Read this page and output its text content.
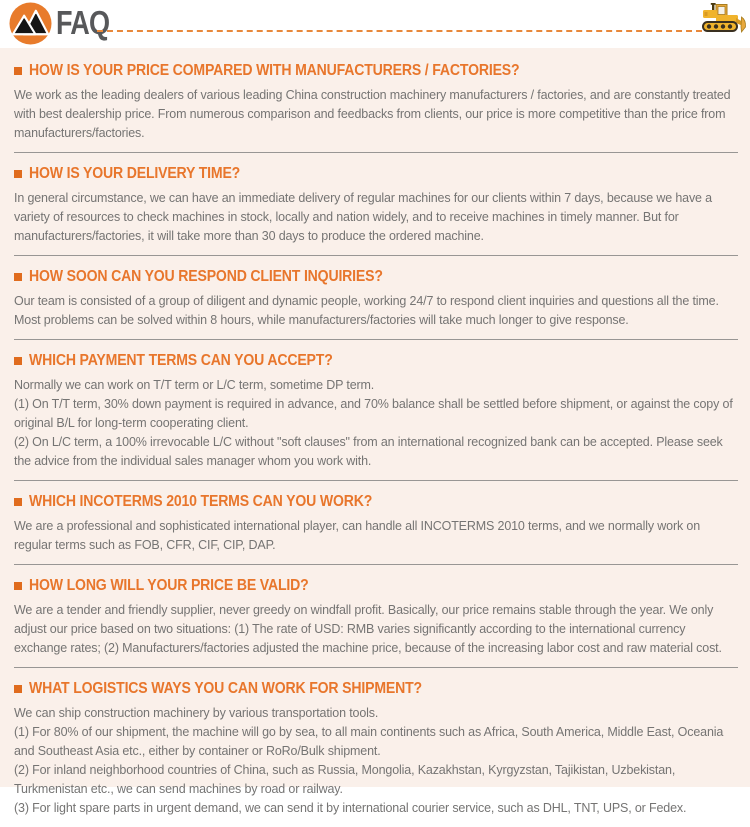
FAQ
HOW IS YOUR PRICE COMPARED WITH MANUFACTURERS / FACTORIES?

We work as the leading dealers of various leading China construction machinery manufacturers / factories, and are constantly treated with best dealership price. From numerous comparison and feedbacks from clients, our price is more competitive than the price from manufacturers/factories.

HOW IS YOUR DELIVERY TIME?

In general circumstance, we can have an immediate delivery of regular machines for our clients within 7 days, because we have a variety of resources to check machines in stock, locally and nation widely, and to receive machines in timely manner. But for manufacturers/factories, it will take more than 30 days to produce the ordered machine.

HOW SOON CAN YOU RESPOND CLIENT INQUIRIES?

Our team is consisted of a group of diligent and dynamic people, working 24/7 to respond client inquiries and questions all the time. Most problems can be solved within 8 hours, while manufacturers/factories will take much longer to give response.

WHICH PAYMENT TERMS CAN YOU ACCEPT?

Normally we can work on T/T term or L/C term, sometime DP term.

(1) On T/T term, 30% down payment is required in advance, and 70% balance shall be settled before shipment, or against the copy of original B/L for long-term cooperating client.

(2) On L/C term, a 100% irrevocable L/C without "soft clauses" from an international recognized bank can be accepted. Please seek the advice from the individual sales manager whom you work with.

WHICH INCOTERMS 2010 TERMS CAN YOU WORK?

We are a professional and sophisticated international player, can handle all INCOTERMS 2010 terms, and we normally work on regular terms such as FOB, CFR, CIF, CIP, DAP.

HOW LONG WILL YOUR PRICE BE VALID?

We are a tender and friendly supplier, never greedy on windfall profit. Basically, our price remains stable through the year. We only adjust our price based on two situations: (1) The rate of USD: RMB varies significantly according to the international currency exchange rates; (2) Manufacturers/factories adjusted the machine price, because of the increasing labor cost and raw material cost.

WHAT LOGISTICS WAYS YOU CAN WORK FOR SHIPMENT?

We can ship construction machinery by various transportation tools.

(1) For 80% of our shipment, the machine will go by sea, to all main continents such as Africa, South America, Middle East, Oceania and Southeast Asia etc., either by container or RoRo/Bulk shipment.

(2) For inland neighborhood countries of China, such as Russia, Mongolia, Kazakhstan, Kyrgyzstan, Tajikistan, Uzbekistan, Turkmenistan etc., we can send machines by road or railway.

(3) For light spare parts in urgent demand, we can send it by international courier service, such as DHL, TNT, UPS, or Fedex.
